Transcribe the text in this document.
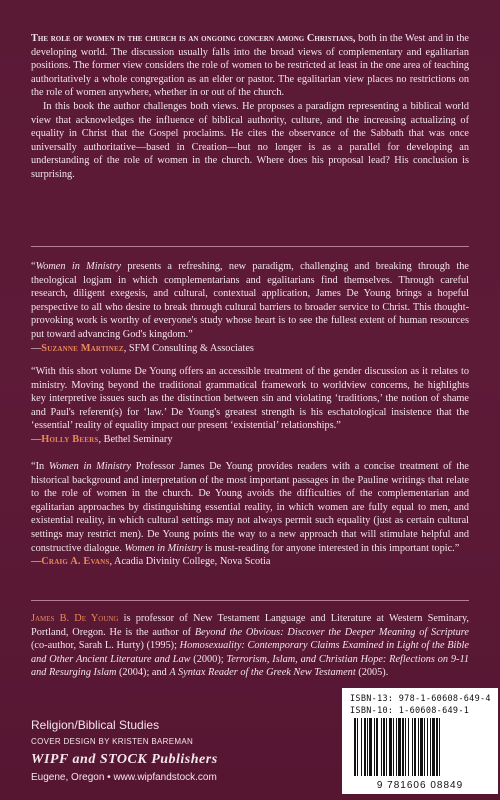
The role of women in the church is an ongoing concern among Christians, both in the West and in the developing world. The discussion usually falls into the broad views of complementary and egalitarian positions. The former view considers the role of women to be restricted at least in the one area of teaching authoritatively a whole congregation as an elder or pastor. The egalitarian view places no restrictions on the role of women anywhere, whether in or out of the church.

In this book the author challenges both views. He proposes a paradigm representing a biblical world view that acknowledges the influence of biblical authority, culture, and the increasing actualizing of equality in Christ that the Gospel proclaims. He cites the observance of the Sabbath that was once universally authoritative—based in Creation—but no longer is as a parallel for developing an understanding of the role of women in the church. Where does his proposal lead? His conclusion is surprising.

“Women in Ministry presents a refreshing, new paradigm, challenging and breaking through the theological logjam in which complementarians and egalitarians find themselves. Through careful research, diligent exegesis, and cultural, contextual application, James De Young brings a hopeful perspective to all who desire to break through cultural barriers to broader service to Christ. This thought-provoking work is worthy of everyone's study whose heart is to see the fullest extent of human resources put toward advancing God's kingdom.”

—Suzanne Martinez, SFM Consulting & Associates

“With this short volume De Young offers an accessible treatment of the gender discussion as it relates to ministry. Moving beyond the traditional grammatical framework to worldview concerns, he highlights key interpretive issues such as the distinction between sin and violating ‘traditions,’ the notion of shame and Paul's referent(s) for ‘law.’ De Young's greatest strength is his eschatological insistence that the ‘essential’ reality of equality impact our present ‘existential’ relationships.”

—Holly Beers, Bethel Seminary

“In Women in Ministry Professor James De Young provides readers with a concise treatment of the historical background and interpretation of the most important passages in the Pauline writings that relate to the role of women in the church. De Young avoids the difficulties of the complementarian and egalitarian approaches by distinguishing essential reality, in which women are fully equal to men, and existential reality, in which cultural settings may not always permit such equality (just as certain cultural settings may restrict men). De Young points the way to a new approach that will stimulate helpful and constructive dialogue. Women in Ministry is must-reading for anyone interested in this important topic.”

—Craig A. Evans, Acadia Divinity College, Nova Scotia

James B. De Young is professor of New Testament Language and Literature at Western Seminary, Portland, Oregon. He is the author of Beyond the Obvious: Discover the Deeper Meaning of Scripture (co-author, Sarah L. Hurty) (1995); Homosexuality: Contemporary Claims Examined in Light of the Bible and Other Ancient Literature and Law (2000); Terrorism, Islam, and Christian Hope: Reflections on 9-11 and Resurging Islam (2004); and A Syntax Reader of the Greek New Testament (2005).

Religion/Biblical Studies
COVER DESIGN BY KRISTEN BAREMAN
WIPF and STOCK Publishers
Eugene, Oregon • www.wipfandstock.com
ISBN-13: 978-1-60608-649-4
ISBN-10: 1-60608-649-1
9 781606 08849
